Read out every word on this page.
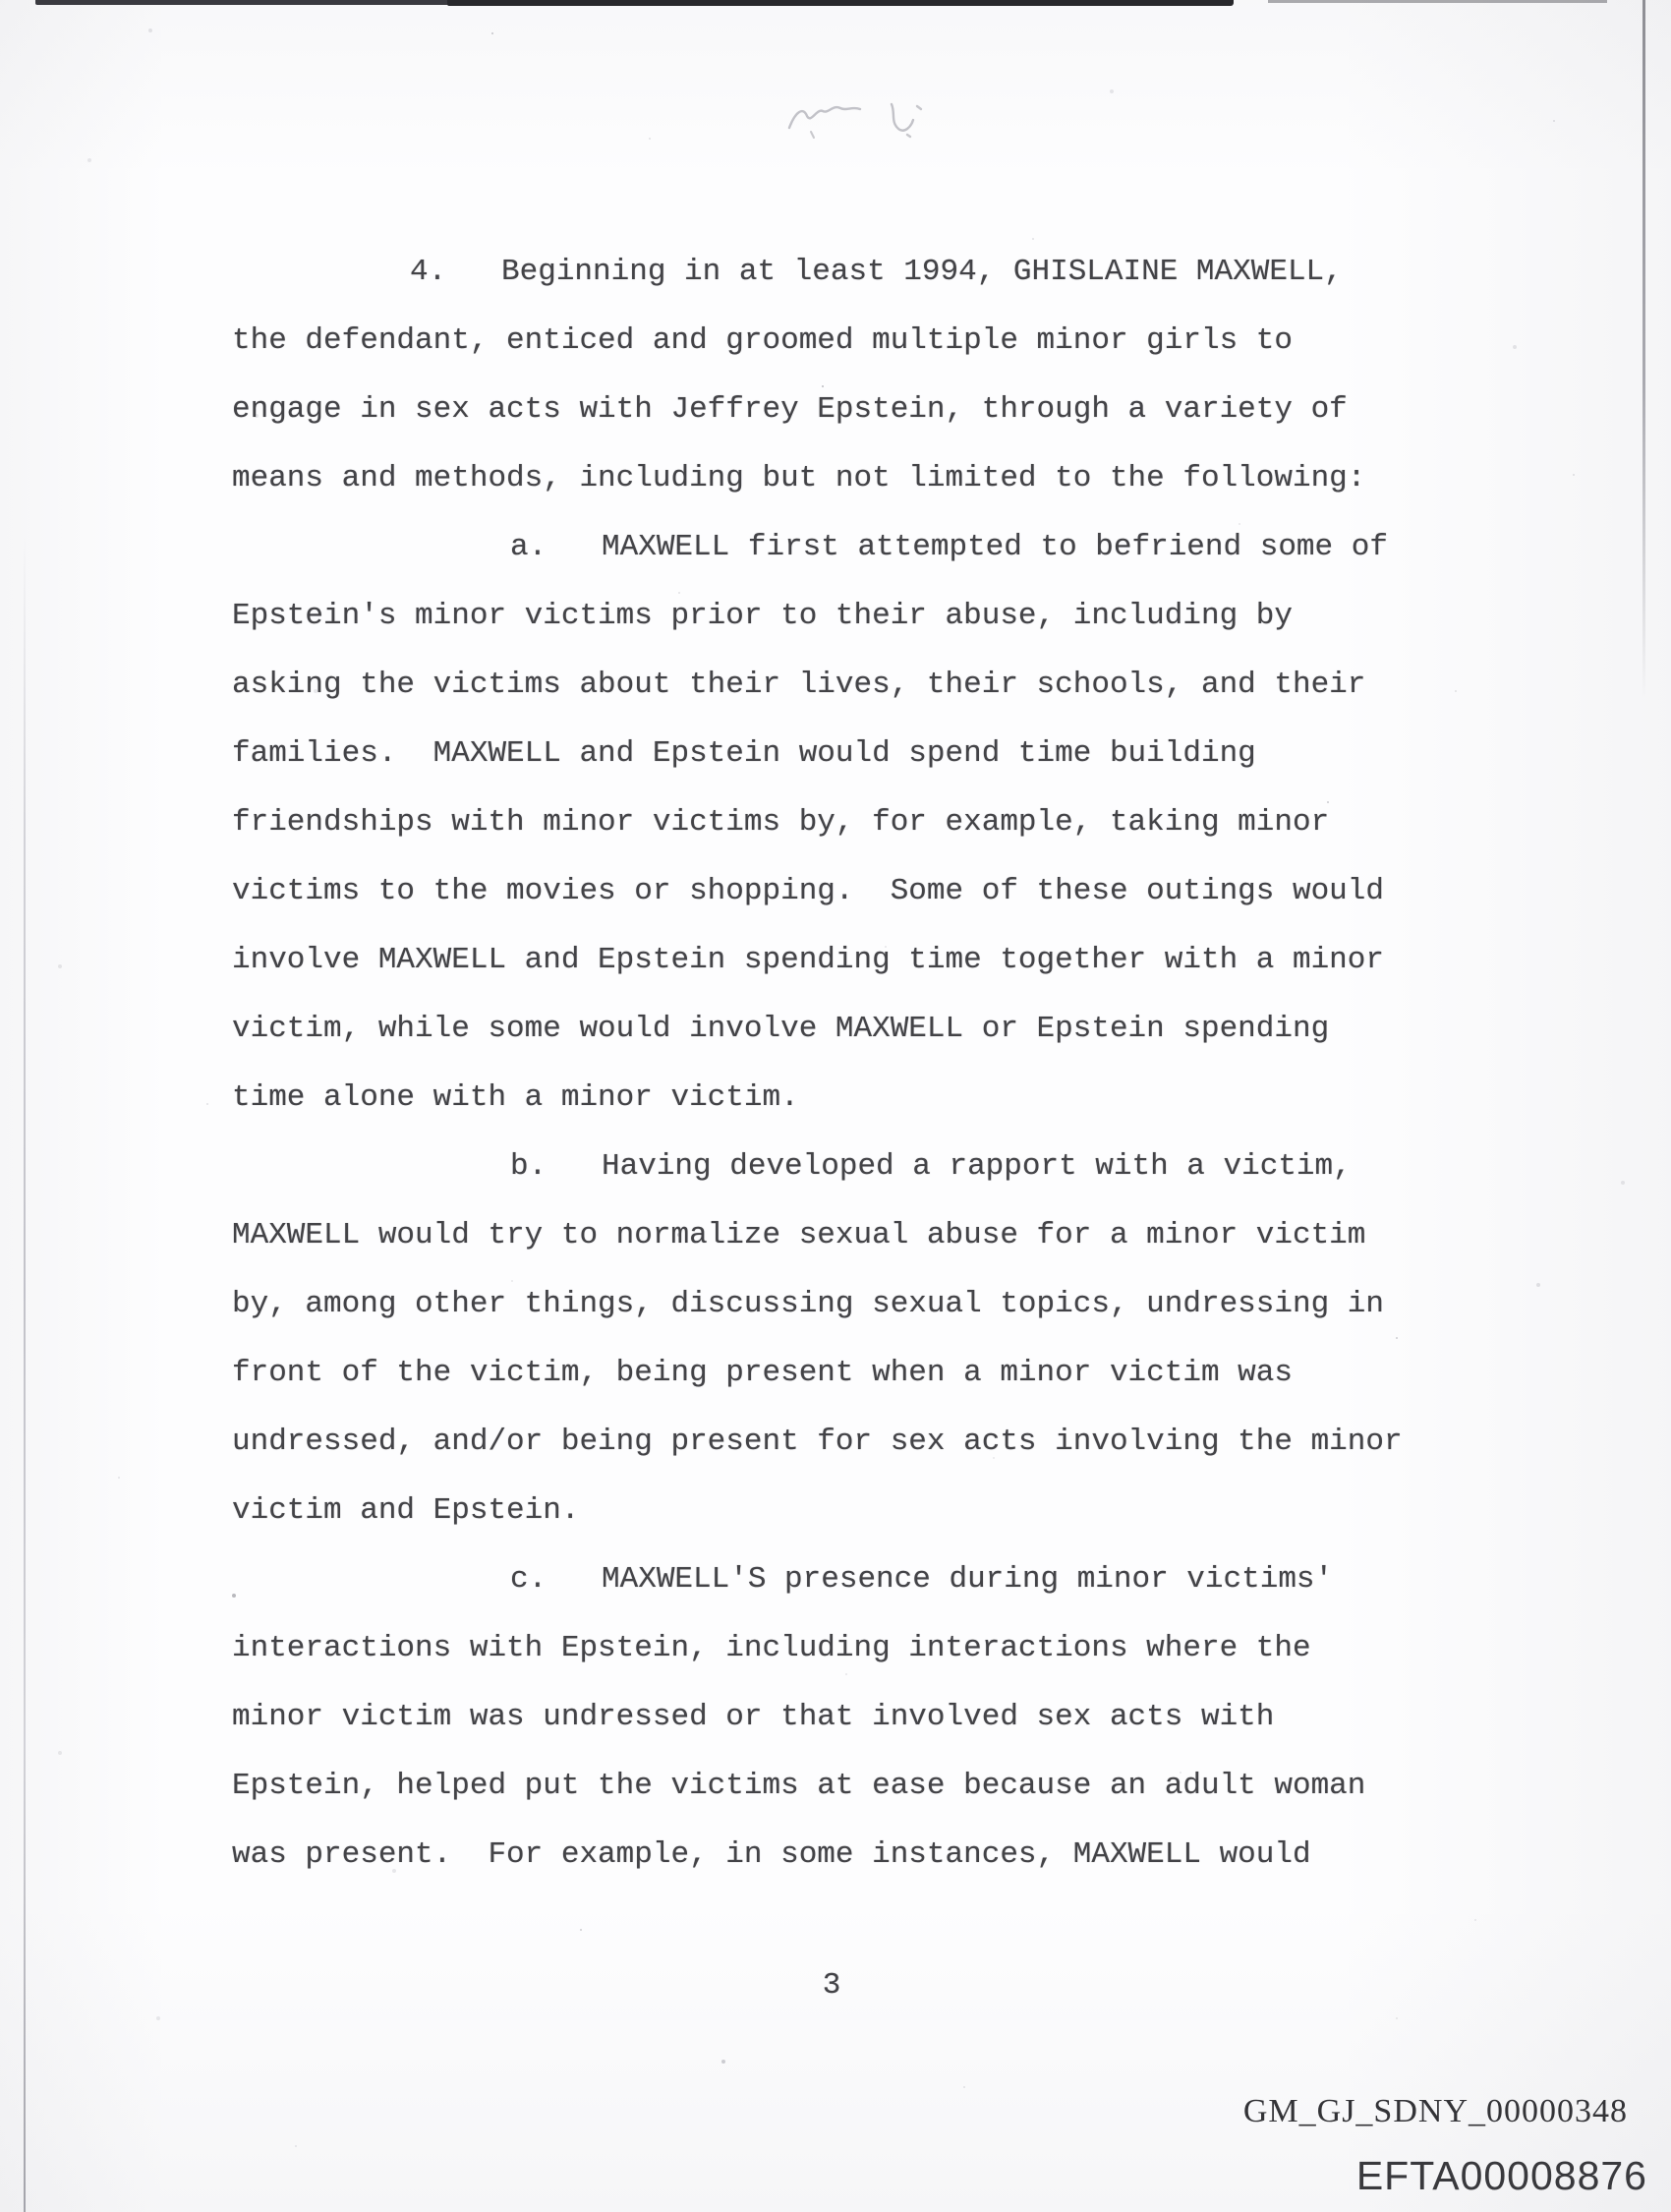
4.   Beginning in at least 1994, GHISLAINE MAXWELL,
the defendant, enticed and groomed multiple minor girls to
engage in sex acts with Jeffrey Epstein, through a variety of
means and methods, including but not limited to the following:
a.   MAXWELL first attempted to befriend some of
Epstein's minor victims prior to their abuse, including by
asking the victims about their lives, their schools, and their
families.  MAXWELL and Epstein would spend time building
friendships with minor victims by, for example, taking minor
victims to the movies or shopping.  Some of these outings would
involve MAXWELL and Epstein spending time together with a minor
victim, while some would involve MAXWELL or Epstein spending
time alone with a minor victim.
b.   Having developed a rapport with a victim,
MAXWELL would try to normalize sexual abuse for a minor victim
by, among other things, discussing sexual topics, undressing in
front of the victim, being present when a minor victim was
undressed, and/or being present for sex acts involving the minor
victim and Epstein.
c.   MAXWELL'S presence during minor victims'
interactions with Epstein, including interactions where the
minor victim was undressed or that involved sex acts with
Epstein, helped put the victims at ease because an adult woman
was present.  For example, in some instances, MAXWELL would
3
GM_GJ_SDNY_00000348
EFTA00008876
